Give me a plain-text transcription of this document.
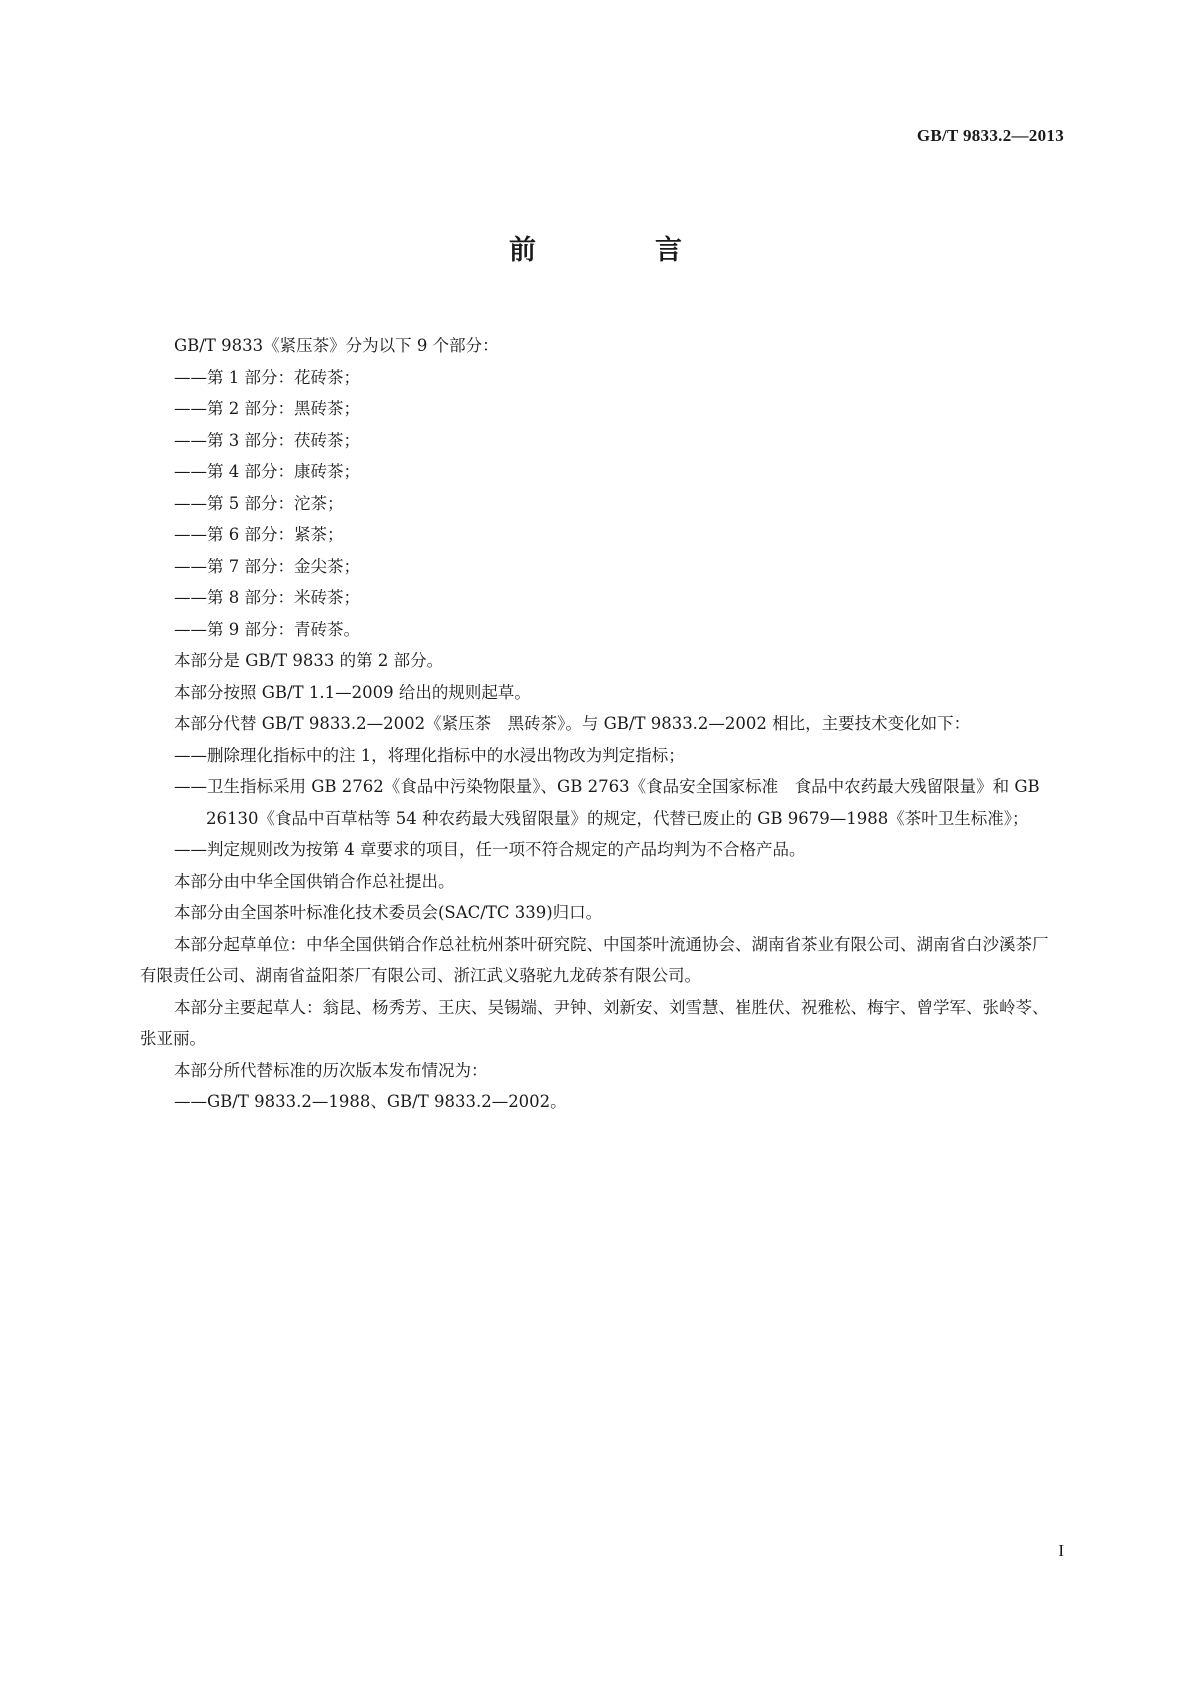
GB/T 9833.2—2013
前　言

GB/T 9833《紧压茶》分为以下 9 个部分：

——第 1 部分：花砖茶；

——第 2 部分：黑砖茶；

——第 3 部分：茯砖茶；

——第 4 部分：康砖茶；

——第 5 部分：沱茶；

——第 6 部分：紧茶；

——第 7 部分：金尖茶；

——第 8 部分：米砖茶；

——第 9 部分：青砖茶。

本部分是 GB/T 9833 的第 2 部分。

本部分按照 GB/T 1.1—2009 给出的规则起草。

本部分代替 GB/T 9833.2—2002《紧压茶　黑砖茶》。与 GB/T 9833.2—2002 相比，主要技术变化如下：

——删除理化指标中的注 1，将理化指标中的水浸出物改为判定指标；

——卫生指标采用 GB 2762《食品中污染物限量》、GB 2763《食品安全国家标准　食品中农药最大残留限量》和 GB 26130《食品中百草枯等 54 种农药最大残留限量》的规定，代替已废止的 GB 9679—1988《茶叶卫生标准》；

——判定规则改为按第 4 章要求的项目，任一项不符合规定的产品均判为不合格产品。

本部分由中华全国供销合作总社提出。

本部分由全国茶叶标准化技术委员会(SAC/TC 339)归口。

本部分起草单位：中华全国供销合作总社杭州茶叶研究院、中国茶叶流通协会、湖南省茶业有限公司、湖南省白沙溪茶厂有限责任公司、湖南省益阳茶厂有限公司、浙江武义骆驼九龙砖茶有限公司。

本部分主要起草人：翁昆、杨秀芳、王庆、吴锡端、尹钟、刘新安、刘雪慧、崔胜伏、祝雅松、梅宇、曾学军、张岭苓、张亚丽。

本部分所代替标准的历次版本发布情况为：

——GB/T 9833.2—1988、GB/T 9833.2—2002。

I
